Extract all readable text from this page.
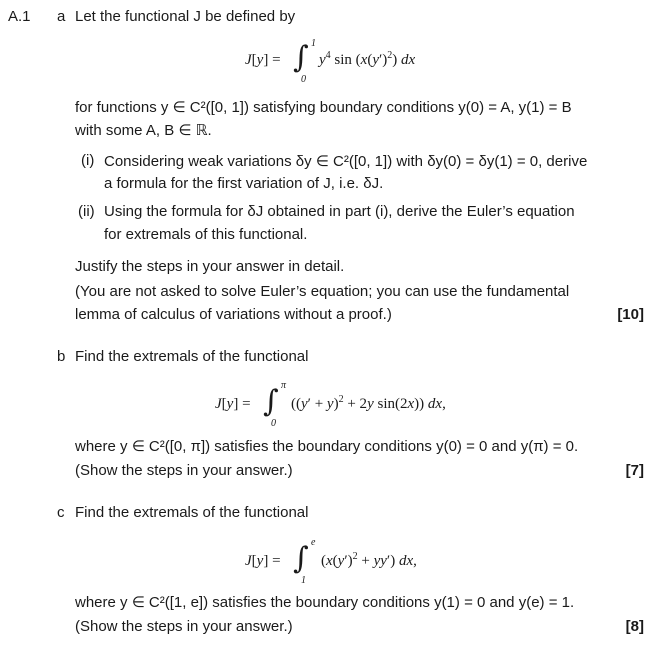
A.1 a Let the functional J be defined by
J[y] = ∫ 1
0
$y^4$ $\sin (x(y')^2)$ dx
for functions y ∈ C²([0, 1]) satisfying boundary conditions y(0) = A, y(1) = B
with some A, B ∈ ℝ.
(i) Considering weak variations δy ∈ C²([0, 1]) with δy(0) = δy(1) = 0, derive
a formula for the first variation of J, i.e. δJ.
(ii) Using the formula for δJ obtained in part (i), derive the Euler’s equation
for extremals of this functional.
Justify the steps in your answer in detail.
(You are not asked to solve Euler’s equation; you can use the fundamental
lemma of calculus of variations without a proof.)	[10]
b Find the extremals of the functional
J[y] = ∫ π
0
($(y' + y)^2 + 2y$ sin(2x)) dx,
where y ∈ C²([0, π]) satisfies the boundary conditions y(0) = 0 and y(π) = 0.
(Show the steps in your answer.)	[7]
c Find the extremals of the functional
J[y] = ∫ e
1
$(x(y')^2 + yy')$ dx,
where y ∈ C²([1, e]) satisfies the boundary conditions y(1) = 0 and y(e) = 1.
(Show the steps in your answer.)	[8]
